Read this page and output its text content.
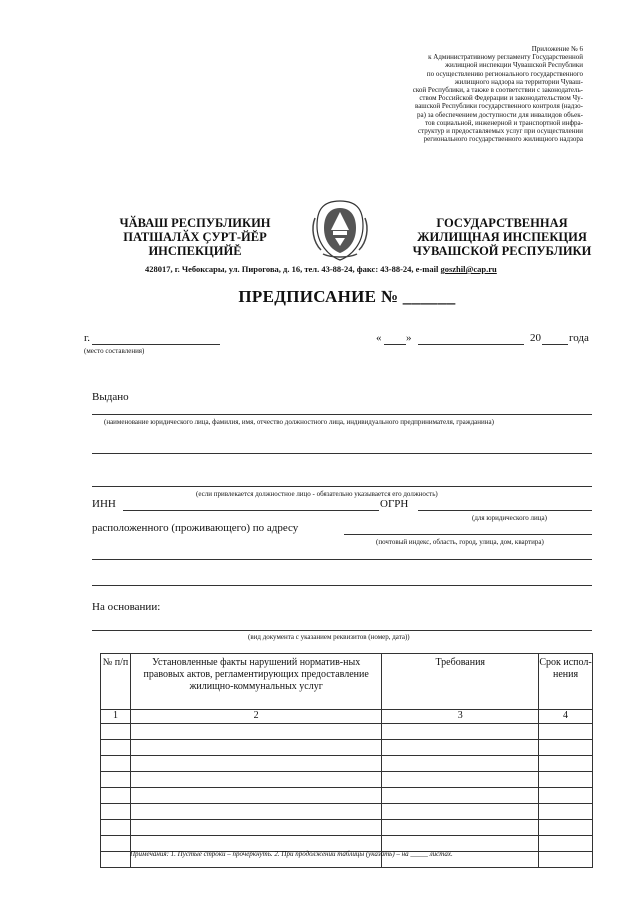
Приложение № 6
к Административному регламенту Государственной
жилищной инспекции Чувашской Республики
по осуществлению регионального государственного
жилищного надзора на территории Чуваш-
ской Республики, а также в соответствии с законодатель-
ством Российской Федерации и законодательством Чу-
вашской Республики государственного контроля (надзо-
ра) за обеспечением доступности для инвалидов объек-
тов социальной, инженерной и транспортной инфра-
структур и предоставляемых услуг при осуществлении
регионального государственного жилищного надзора
ЧӐВАШ РЕСПУБЛИКИН
ПАТШАЛӐХ ҪУРТ-ЙĔР
ИНСПЕКЦИЙĔ
ГОСУДАРСТВЕННАЯ
ЖИЛИЩНАЯ ИНСПЕКЦИЯ
ЧУВАШСКОЙ РЕСПУБЛИКИ
428017, г. Чебоксары, ул. Пирогова, д. 16, тел. 43-88-24, факс: 43-88-24, e-mail goszhil@cap.ru
ПРЕДПИСАНИЕ № ______
г.
(место составления)
« »	20	года
Выдано
(наименование юридического лица, фамилия, имя, отчество должностного лица, индивидуального предпринимателя, гражданина)
(если привлекается должностное лицо - обязательно указывается его должность)
ИНН	ОГРН
(для юридического лица)
расположенного (проживающего) по адресу
(почтовый индекс, область, город, улица, дом, квартира)
На основании:
(вид документа с указанием реквизитов (номер, дата))
№ п/п	Установленные факты нарушений норматив-ных правовых актов, регламентирующих предоставление жилищно-коммунальных услуг	Требования	Срок испол-нения
1	2	3	4

Примечания: 1. Пустые строки – прочеркнуть. 2. При продолжении таблицы (указать) – на _____ листах.
